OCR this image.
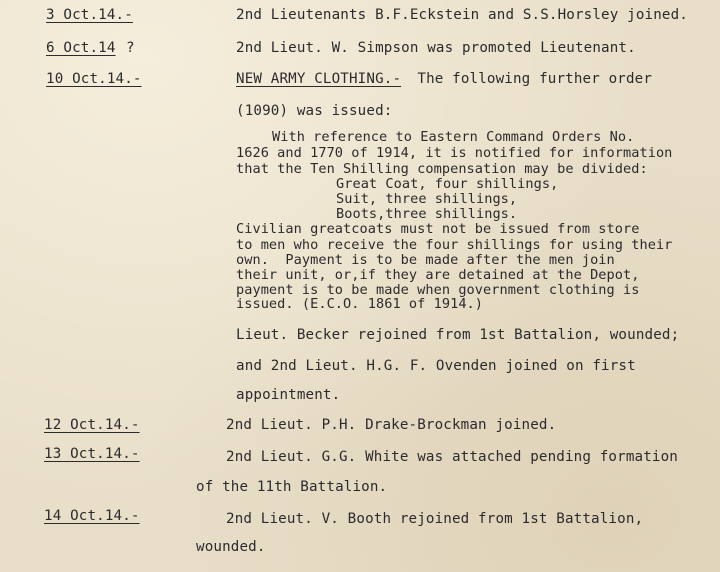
3 Oct.14.-	2nd Lieutenants B.F.Eckstein and S.S.Horsley joined.
6 Oct.14 ?	2nd Lieut. W. Simpson was promoted Lieutenant.
10 Oct.14.-	NEW ARMY CLOTHING.-
The following further order
(1090) was issued:
With reference to Eastern Command Orders No.
1626 and 1770 of 1914, it is notified for information
that the Ten Shilling compensation may be divided:
Great Coat, four shillings,
Suit, three shillings,
Boots,three shillings.
Civilian greatcoats must not be issued from store
to men who receive the four shillings for using their
own.  Payment is to be made after the men join
their unit, or,if they are detained at the Depot,
payment is to be made when government clothing is
issued. (E.C.O. 1861 of 1914.)
Lieut. Becker rejoined from 1st Battalion, wounded;
and 2nd Lieut. H.G. F. Ovenden joined on first
appointment.
12 Oct.14.-	2nd Lieut. P.H. Drake-Brockman joined.
13 Oct.14.-	2nd Lieut. G.G. White was attached pending formation
of the 11th Battalion.
14 Oct.14.-	2nd Lieut. V. Booth rejoined from 1st Battalion,
wounded.
